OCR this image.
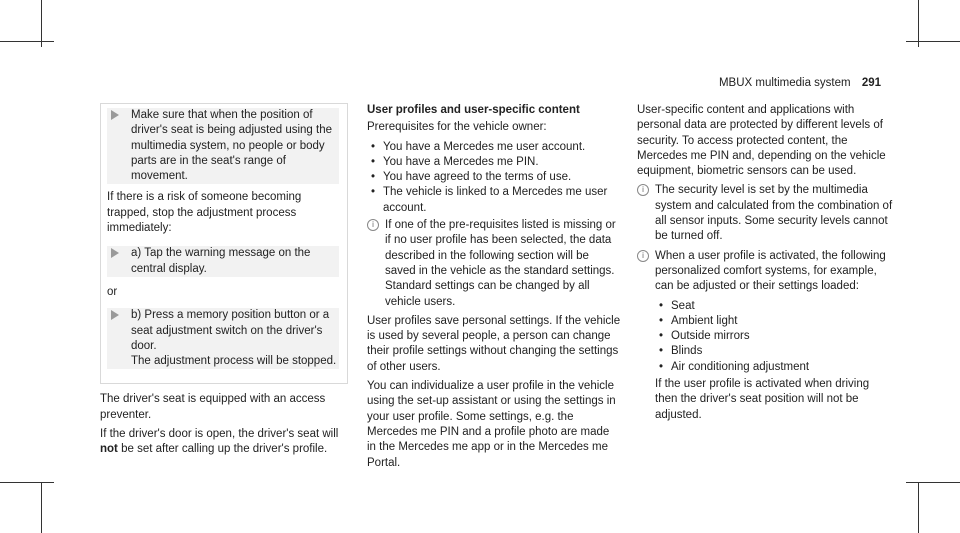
MBUX multimedia system 291

Make sure that when the position of driver's seat is being adjusted using the multimedia system, no people or body parts are in the seat's range of movement.

If there is a risk of someone becoming trapped, stop the adjustment process immediately:

a) Tap the warning message on the central display.

or

b) Press a memory position button or a seat adjustment switch on the driver's door.

The adjustment process will be stopped.

The driver's seat is equipped with an access preventer.

If the driver's door is open, the driver's seat will not be set after calling up the driver's profile.

User profiles and user-specific content

Prerequisites for the vehicle owner:

• You have a Mercedes me user account.
• You have a Mercedes me PIN.
• You have agreed to the terms of use.
• The vehicle is linked to a Mercedes me user account.
i If one of the pre-requisites listed is missing or if no user profile has been selected, the data described in the following section will be saved in the vehicle as the standard settings. Standard settings can be changed by all vehicle users.

User profiles save personal settings. If the vehicle is used by several people, a person can change their profile settings without changing the settings of other users.

You can individualize a user profile in the vehicle using the set-up assistant or using the settings in your user profile. Some settings, e.g. the Mercedes me PIN and a profile photo are made in the Mercedes me app or in the Mercedes me Portal.

User-specific content and applications with personal data are protected by different levels of security. To access protected content, the Mercedes me PIN and, depending on the vehicle equipment, biometric sensors can be used.

i The security level is set by the multimedia system and calculated from the combination of all sensor inputs. Some security levels cannot be turned off.

i When a user profile is activated, the following personalized comfort systems, for example, can be adjusted or their settings loaded:

• Seat
• Ambient light
• Outside mirrors
• Blinds
• Air conditioning adjustment

If the user profile is activated when driving then the driver's seat position will not be adjusted.
